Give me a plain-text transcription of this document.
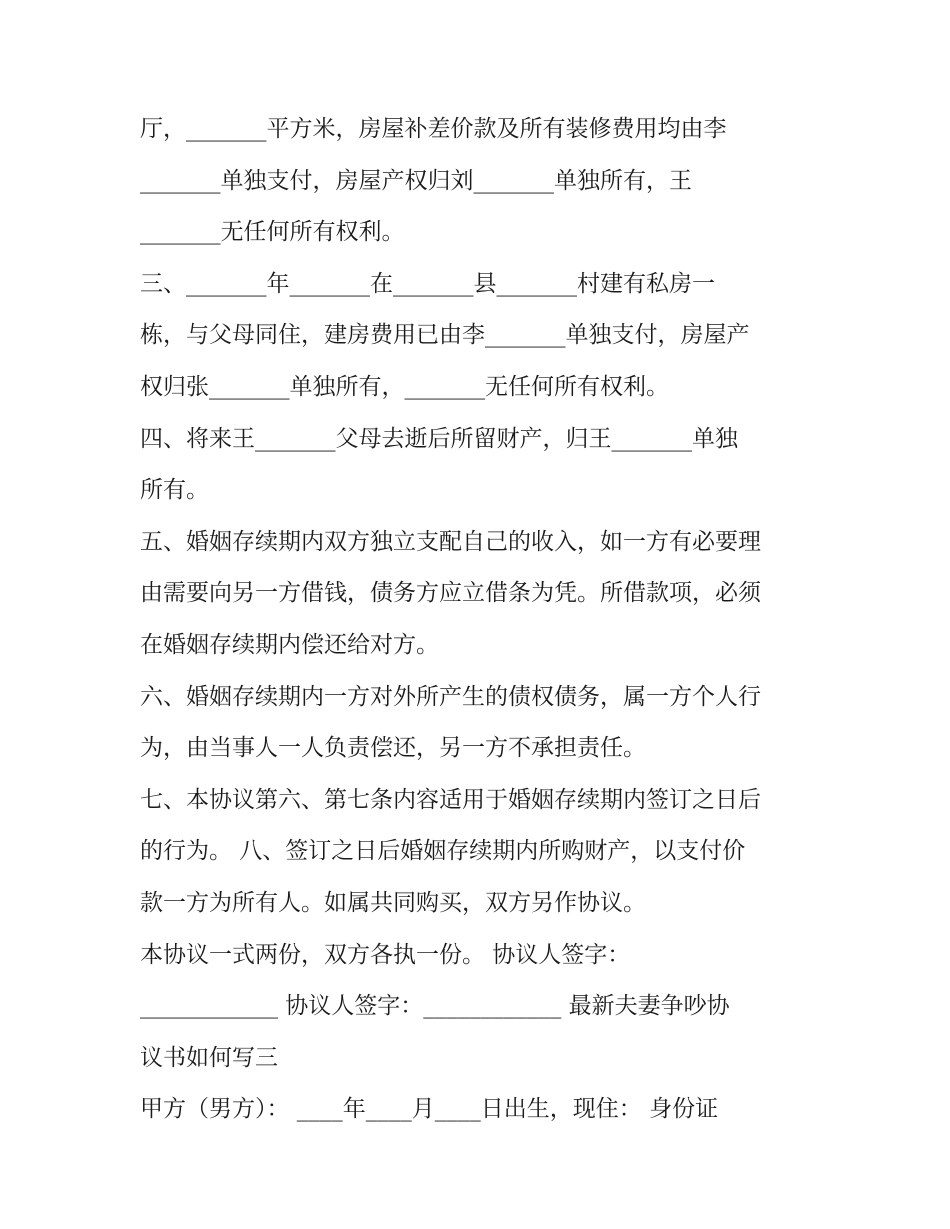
厅，_______平方米，房屋补差价款及所有装修费用均由李
_______单独支付，房屋产权归刘_______单独所有，王
_______无任何所有权利。
三、_______年_______在_______县_______村建有私房一
栋，与父母同住，建房费用已由李_______单独支付，房屋产
权归张_______单独所有，_______无任何所有权利。
四、将来王_______父母去逝后所留财产，归王_______单独
所有。
五、婚姻存续期内双方独立支配自己的收入，如一方有必要理
由需要向另一方借钱，债务方应立借条为凭。所借款项，必须
在婚姻存续期内偿还给对方。
六、婚姻存续期内一方对外所产生的债权债务，属一方个人行
为，由当事人一人负责偿还，另一方不承担责任。
七、本协议第六、第七条内容适用于婚姻存续期内签订之日后
的行为。 八、签订之日后婚姻存续期内所购财产，以支付价
款一方为所有人。如属共同购买，双方另作协议。
本协议一式两份，双方各执一份。 协议人签字：
____________ 协议人签字：____________ 最新夫妻争吵协
议书如何写三
甲方（男方）： ____年____月____日出生，现住： 身份证
